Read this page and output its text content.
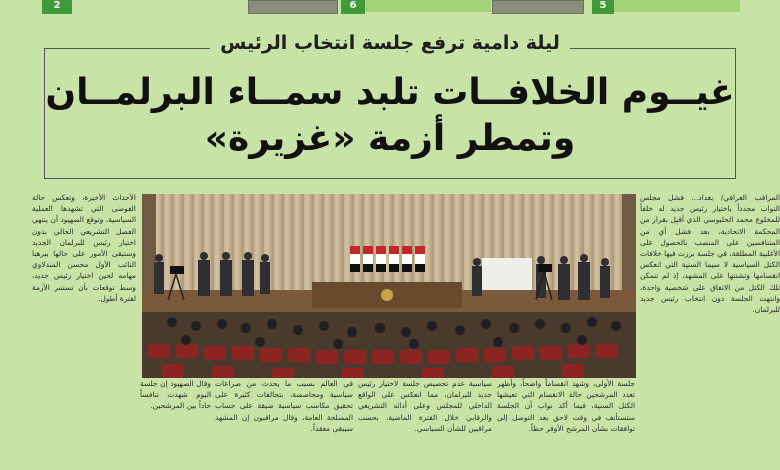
2	6	5
ليلة دامية ترفع جلسة انتخاب الرئيس
غيــوم الخلافــات تلبد سمــاء البرلمــان
وتمطر أزمة «غزيرة»

المراقب العراقي/ بغداد... فشل مجلس النواب مجدداً باختيار رئيس جديد له خلفاً للمخلوع محمد الحلبوسي الذي أقيل بقرار من المحكمة الاتحادية، بعد فشل أي من المتنافسين على المنصب بالحصول على الأغلبية المطلقة، في جلسة برزت فيها خلافات الكتل السياسية لا سيما السنية التي انعكس انقسامها وتشتتها على المشهد، إذ لم تتمكن تلك الكتل من الاتفاق على شخصية واحدة، وانتهت الجلسة دون انتخاب رئيس جديد للبرلمان.

الأحداث الأخيرة، وتعكس حالة الفوضى التي تشهدها العملية السياسية، وتوقع الصهيود أن ينتهي الفصل التشريعي الحالي بدون اختيار رئيس للبرلمان الجديد وستبقى الأمور على حالها ببرهبا النائب الأول محسن المندلاوي مهامه لحين اختيار رئيس جديد، وسط توقعات بأن تستمر الأزمة لفترة أطول.

جلسة الأولى، وشهد انقساماً واضحاً، وأظهر تعدد المرشحين حالة الانقسام التي تعيشها الكتل السنية، فيما أكد نواب أن الجلسة ستستأنف في وقت لاحق بعد التوصل إلى توافقات بشأن المرشح الأوفر حظاً.

سياسية عدم تحصيص جلسة لاختيار رئيس جديد للبرلمان، مما انعكس على الواقع الداخلي للمجلس وعلى أدائه التشريعي والرقابي خلال الفترة الماضية، بحسب مراقبين للشأن السياسي.

في العالم بسبب ما يحدث من صراعات سياسية ومحاصصة، بتحالفات كثيرة على تحقيق مكاسب سياسية ضيقة على حساب المصلحة العامة، وقال مراقبون إن المشهد سيبقى معقداً.

وقال الصهيود إن جلسة اليوم شهدت تنافساً حاداً بين المرشحين.
